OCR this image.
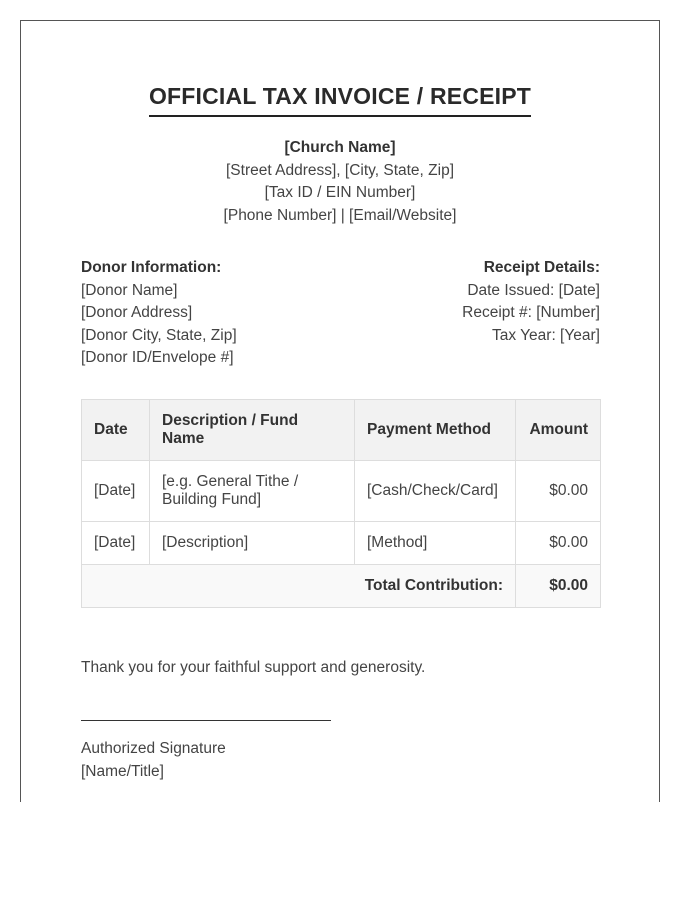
OFFICIAL TAX INVOICE / RECEIPT
[Church Name]
[Street Address], [City, State, Zip]
[Tax ID / EIN Number]
[Phone Number] | [Email/Website]
Donor Information:
[Donor Name]
[Donor Address]
[Donor City, State, Zip]
[Donor ID/Envelope #]
Receipt Details:
Date Issued: [Date]
Receipt #: [Number]
Tax Year: [Year]
Date	Description / Fund Name	Payment Method	Amount
[Date]	[e.g. General Tithe / Building Fund]	[Cash/Check/Card]	$0.00
[Date]	[Description]	[Method]	$0.00
Total Contribution:			$0.00
Thank you for your faithful support and generosity.
Authorized Signature
[Name/Title]
